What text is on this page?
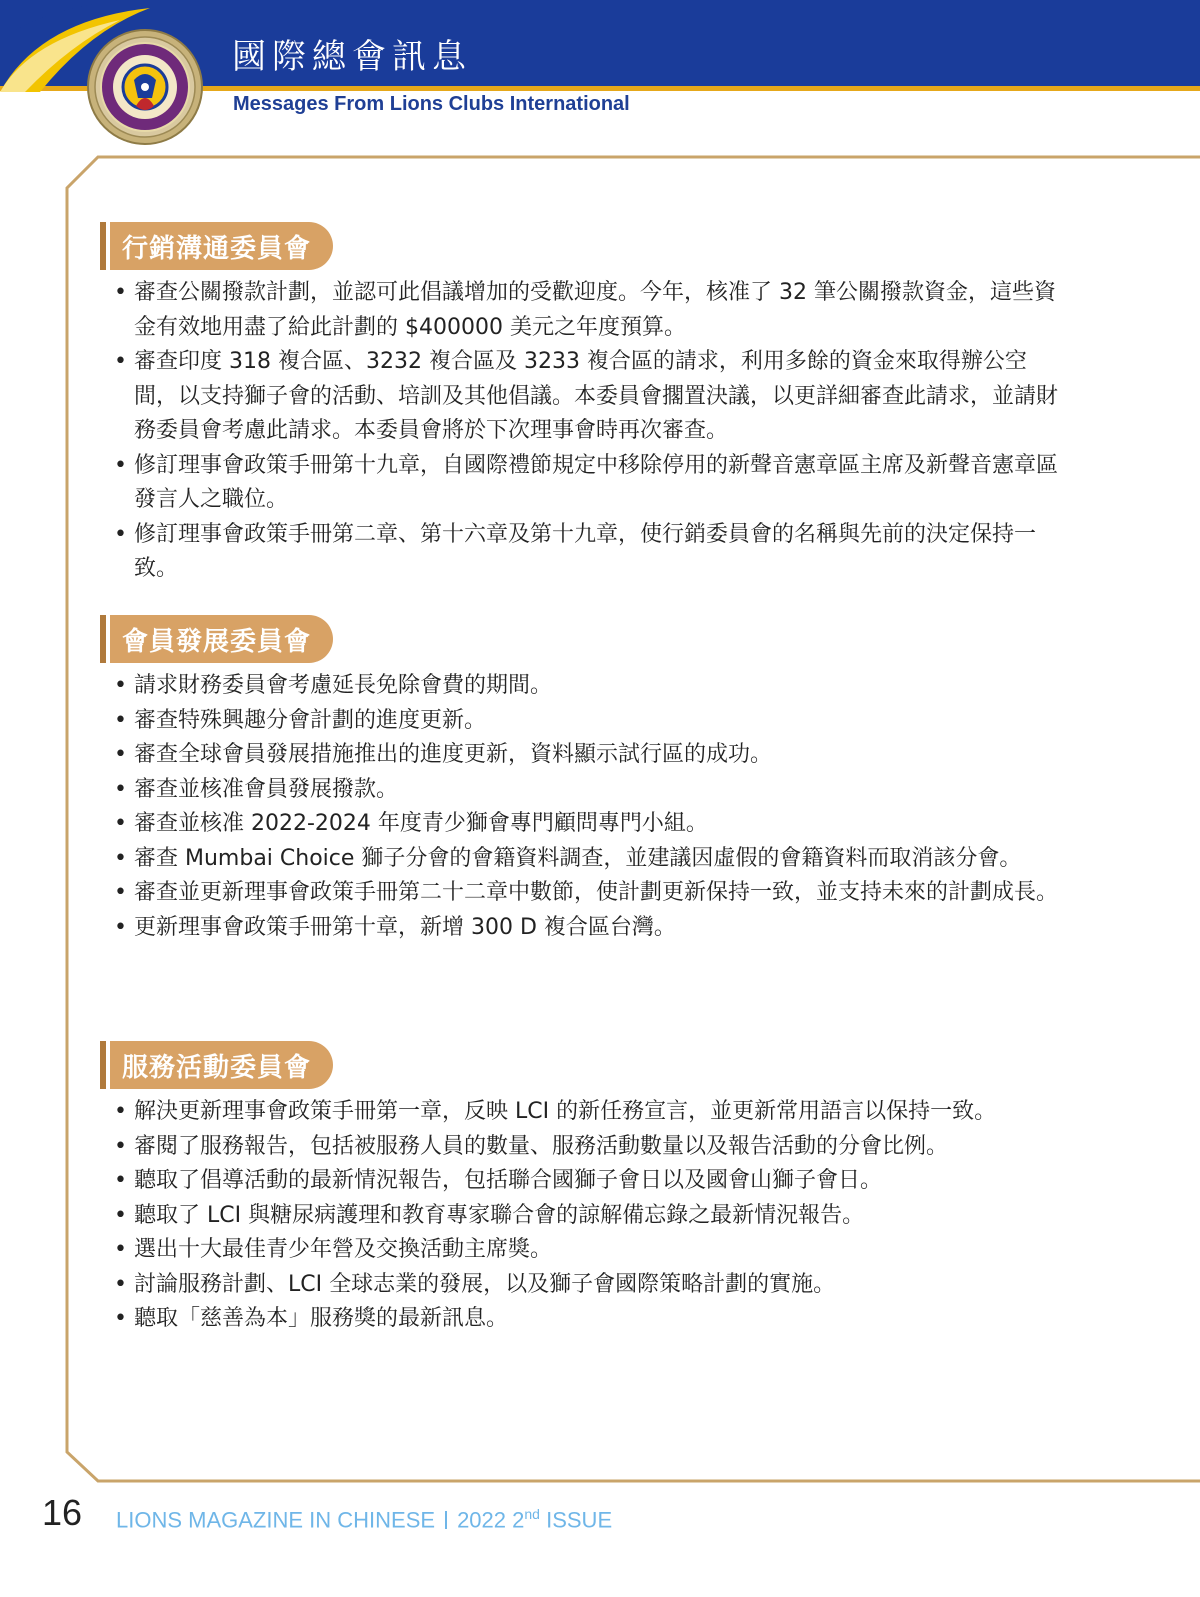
國際總會訊息
Messages From Lions Clubs International
行銷溝通委員會
• 審查公關撥款計劃，並認可此倡議增加的受歡迎度。今年，核准了 32 筆公關撥款資金，這些資金有效地用盡了給此計劃的 $400000 美元之年度預算。
• 審查印度 318 複合區、3232 複合區及 3233 複合區的請求，利用多餘的資金來取得辦公空間，以支持獅子會的活動、培訓及其他倡議。本委員會擱置決議，以更詳細審查此請求，並請財務委員會考慮此請求。本委員會將於下次理事會時再次審查。
• 修訂理事會政策手冊第十九章，自國際禮節規定中移除停用的新聲音憲章區主席及新聲音憲章區發言人之職位。
• 修訂理事會政策手冊第二章、第十六章及第十九章，使行銷委員會的名稱與先前的決定保持一致。
會員發展委員會
• 請求財務委員會考慮延長免除會費的期間。
• 審查特殊興趣分會計劃的進度更新。
• 審查全球會員發展措施推出的進度更新，資料顯示試行區的成功。
• 審查並核准會員發展撥款。
• 審查並核准 2022-2024 年度青少獅會專門顧問專門小組。
• 審查 Mumbai Choice 獅子分會的會籍資料調查，並建議因虛假的會籍資料而取消該分會。
• 審查並更新理事會政策手冊第二十二章中數節，使計劃更新保持一致，並支持未來的計劃成長。
• 更新理事會政策手冊第十章，新增 300 D 複合區台灣。
服務活動委員會
• 解決更新理事會政策手冊第一章，反映 LCI 的新任務宣言，並更新常用語言以保持一致。
• 審閱了服務報告，包括被服務人員的數量、服務活動數量以及報告活動的分會比例。
• 聽取了倡導活動的最新情況報告，包括聯合國獅子會日以及國會山獅子會日。
• 聽取了 LCI 與糖尿病護理和教育專家聯合會的諒解備忘錄之最新情況報告。
• 選出十大最佳青少年營及交換活動主席獎。
• 討論服務計劃、LCI 全球志業的發展，以及獅子會國際策略計劃的實施。
• 聽取「慈善為本」服務獎的最新訊息。
16 LIONS MAGAZINE IN CHINESE 2022 2nd ISSUE
